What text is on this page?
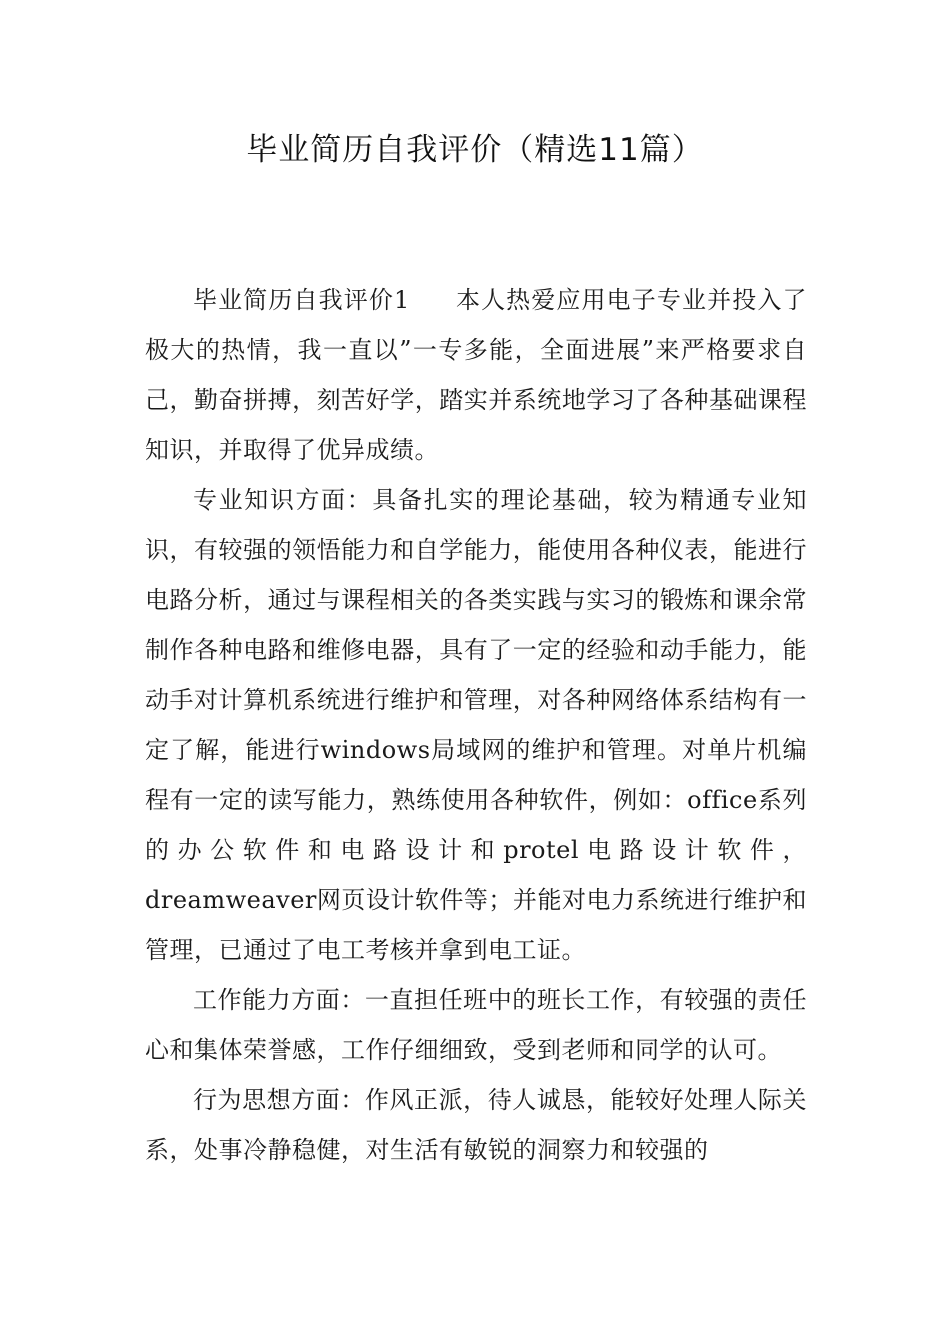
毕业简历自我评价（精选11篇）

毕业简历自我评价1 本人热爱应用电子专业并投入了极大的热情，我一直以”一专多能，全面进展”来严格要求自己，勤奋拼搏，刻苦好学，踏实并系统地学习了各种基础课程知识，并取得了优异成绩。

专业知识方面：具备扎实的理论基础，较为精通专业知识，有较强的领悟能力和自学能力，能使用各种仪表，能进行电路分析，通过与课程相关的各类实践与实习的锻炼和课余常制作各种电路和维修电器，具有了一定的经验和动手能力，能动手对计算机系统进行维护和管理，对各种网络体系结构有一定了解，能进行windows局域网的维护和管理。对单片机编程有一定的读写能力，熟练使用各种软件，例如：office系列的办公软件和电路设计和protel电路设计软件，dreamweaver网页设计软件等；并能对电力系统进行维护和管理，已通过了电工考核并拿到电工证。

工作能力方面：一直担任班中的班长工作，有较强的责任心和集体荣誉感，工作仔细细致，受到老师和同学的认可。

行为思想方面：作风正派，待人诚恳，能较好处理人际关系，处事冷静稳健，对生活有敏锐的洞察力和较强的
